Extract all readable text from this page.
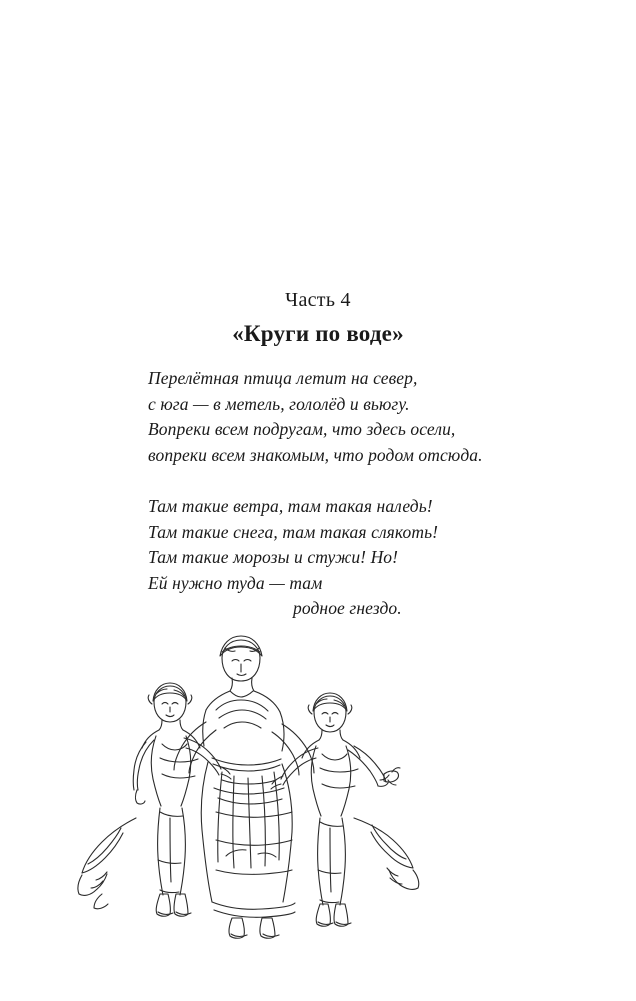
Часть 4
«Круги по воде»
Перелётная птица летит на север,
с юга — в метель, гололёд и вьюгу.
Вопреки всем подругам, что здесь осели,
вопреки всем знакомым, что родом отсюда.
Там такие ветра, там такая наледь!
Там такие снега, там такая слякоть!
Там такие морозы и стужи! Но!
Ей нужно туда — там
родное гнездо.
